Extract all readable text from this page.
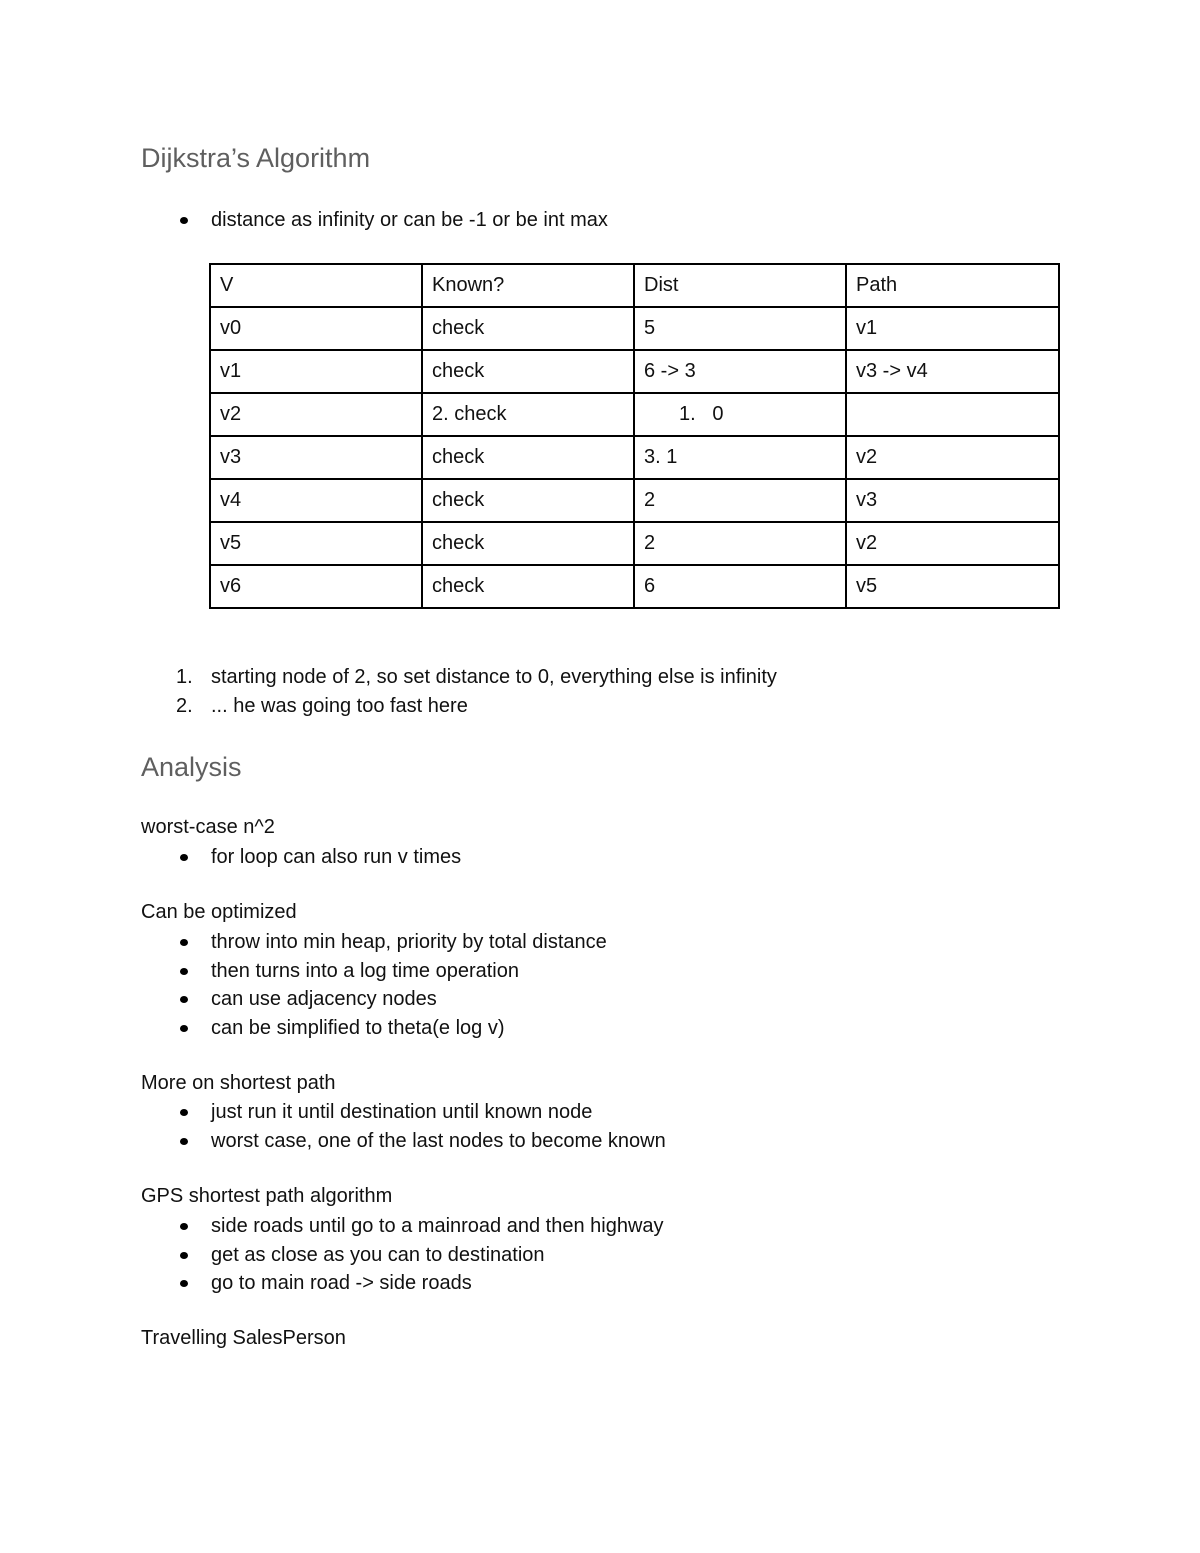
Dijkstra’s Algorithm
distance as infinity or can be -1 or be int max
V	Known?	Dist	Path
v0	check	5	v1
v1	check	6 -> 3	v3 -> v4
v2	2. check	1.   0	
v3	check	3. 1	v2
v4	check	2	v3
v5	check	2	v2
v6	check	6	v5
1. starting node of 2, so set distance to 0, everything else is infinity
2. ... he was going too fast here
Analysis

worst-case n^2

for loop can also run v times

Can be optimized

throw into min heap, priority by total distance
then turns into a log time operation
can use adjacency nodes
can be simplified to theta(e log v)

More on shortest path

just run it until destination until known node
worst case, one of the last nodes to become known

GPS shortest path algorithm

side roads until go to a mainroad and then highway
get as close as you can to destination
go to main road -> side roads

Travelling SalesPerson
